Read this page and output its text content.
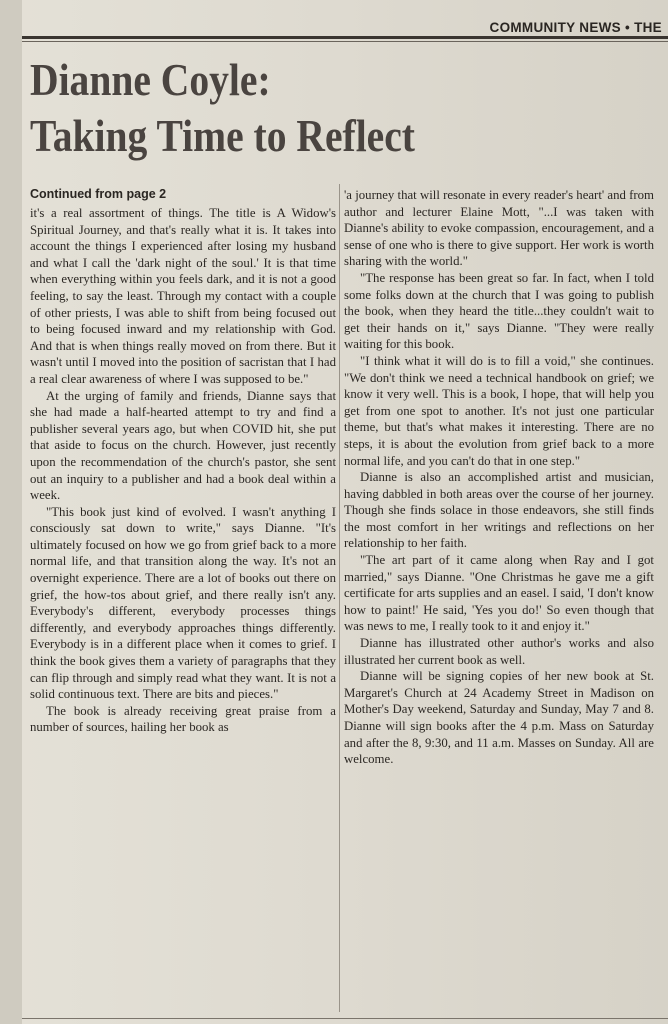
COMMUNITY NEWS • THE
Dianne Coyle:
Taking Time to Reflect
Continued from page 2

it's a real assortment of things. The title is A Widow's Spiritual Journey, and that's really what it is. It takes into account the things I experienced after losing my husband and what I call the 'dark night of the soul.' It is that time when everything within you feels dark, and it is not a good feeling, to say the least. Through my contact with a couple of other priests, I was able to shift from being focused out to being focused inward and my relationship with God. And that is when things really moved on from there. But it wasn't until I moved into the position of sacristan that I had a real clear awareness of where I was supposed to be."

At the urging of family and friends, Dianne says that she had made a half-hearted attempt to try and find a publisher several years ago, but when COVID hit, she put that aside to focus on the church. However, just recently upon the recommendation of the church's pastor, she sent out an inquiry to a publisher and had a book deal within a week.

"This book just kind of evolved. I wasn't anything I consciously sat down to write," says Dianne. "It's ultimately focused on how we go from grief back to a more normal life, and that transition along the way. It's not an overnight experience. There are a lot of books out there on grief, the how-tos about grief, and there really isn't any. Everybody's different, everybody processes things differently, and everybody approaches things differently. Everybody is in a different place when it comes to grief. I think the book gives them a variety of paragraphs that they can flip through and simply read what they want. It is not a solid continuous text. There are bits and pieces."

The book is already receiving great praise from a number of sources, hailing her book as

'a journey that will resonate in every reader's heart' and from author and lecturer Elaine Mott, "...I was taken with Dianne's ability to evoke compassion, encouragement, and a sense of one who is there to give support. Her work is worth sharing with the world."

"The response has been great so far. In fact, when I told some folks down at the church that I was going to publish the book, when they heard the title...they couldn't wait to get their hands on it," says Dianne. "They were really waiting for this book.

"I think what it will do is to fill a void," she continues. "We don't think we need a technical handbook on grief; we know it very well. This is a book, I hope, that will help you get from one spot to another. It's not just one particular theme, but that's what makes it interesting. There are no steps, it is about the evolution from grief back to a more normal life, and you can't do that in one step."

Dianne is also an accomplished artist and musician, having dabbled in both areas over the course of her journey. Though she finds solace in those endeavors, she still finds the most comfort in her writings and reflections on her relationship to her faith.

"The art part of it came along when Ray and I got married," says Dianne. "One Christmas he gave me a gift certificate for arts supplies and an easel. I said, 'I don't know how to paint!' He said, 'Yes you do!' So even though that was news to me, I really took to it and enjoy it."

Dianne has illustrated other author's works and also illustrated her current book as well.

Dianne will be signing copies of her new book at St. Margaret's Church at 24 Academy Street in Madison on Mother's Day weekend, Saturday and Sunday, May 7 and 8. Dianne will sign books after the 4 p.m. Mass on Saturday and after the 8, 9:30, and 11 a.m. Masses on Sunday. All are welcome.
